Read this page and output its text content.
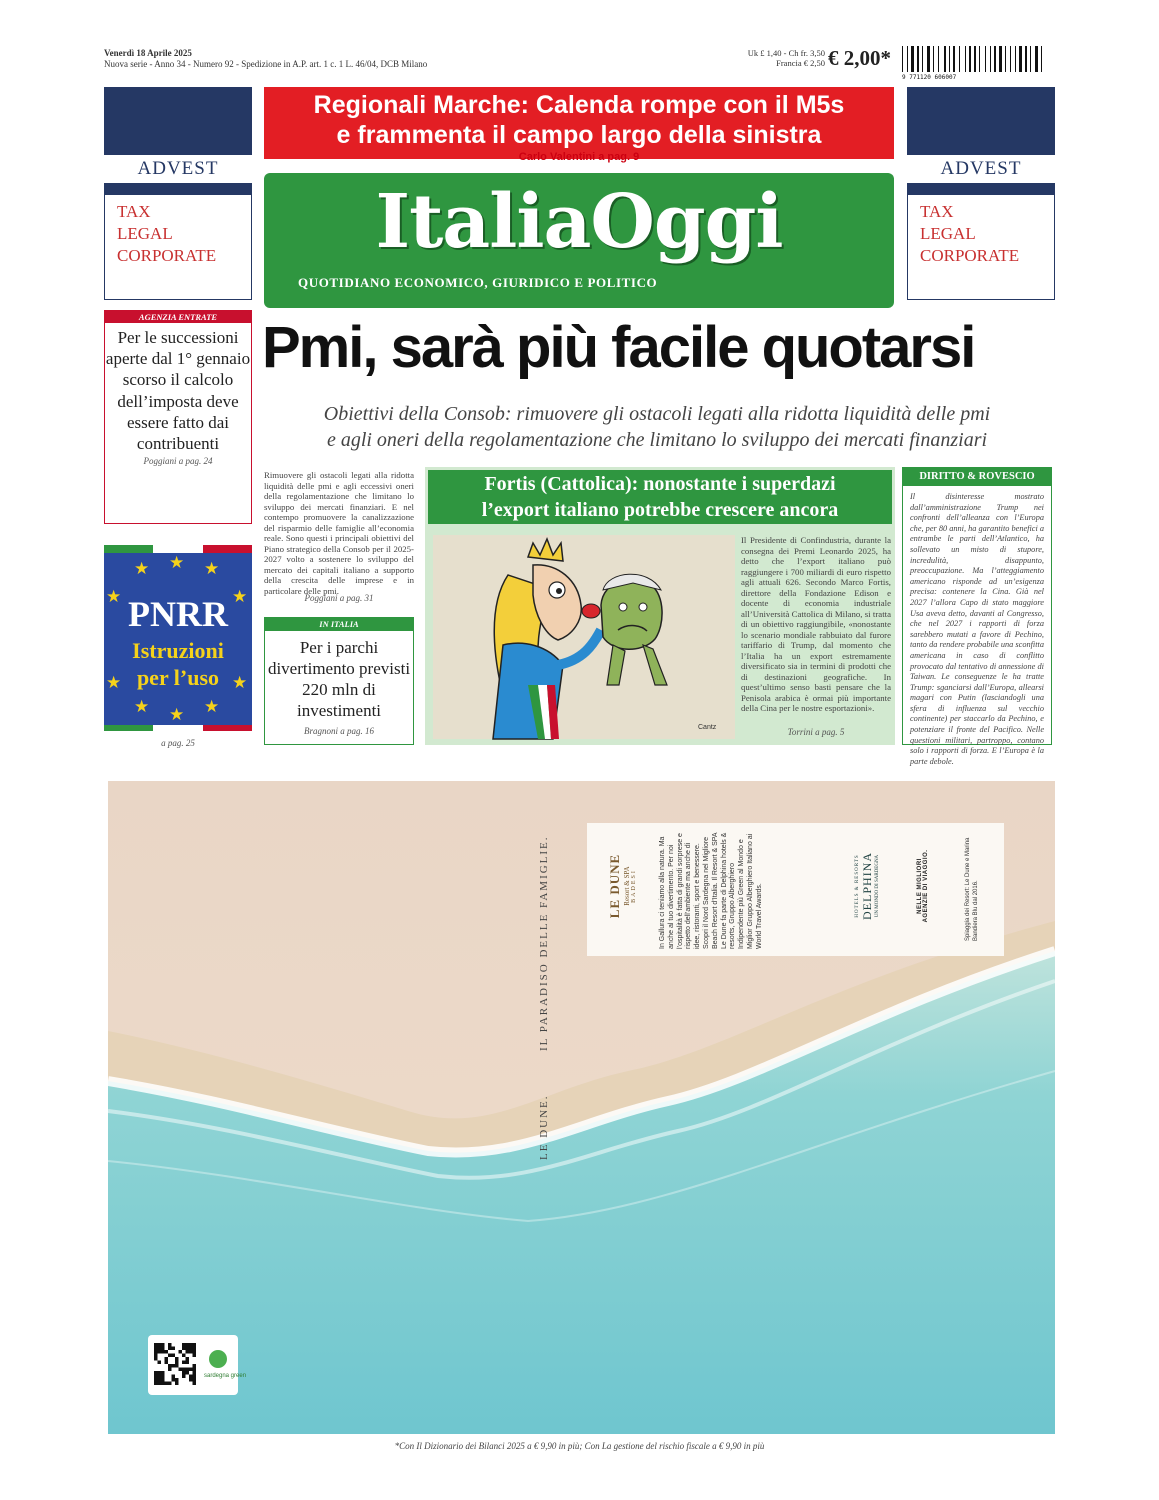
Venerdì 18 Aprile 2025
Nuova serie - Anno 34 - Numero 92 - Spedizione in A.P. art. 1 c. 1 L. 46/04, DCB Milano
Uk £ 1,40 - Ch fr. 3,50
Francia € 2,50 € 2,00*
9 771120 606007
ADVEST
TAX
LEGAL
CORPORATE
ADVEST
TAX
LEGAL
CORPORATE
Regionali Marche: Calenda rompe con il M5s
e frammenta il campo largo della sinistra
Carlo Valentini a pag. 9
ItaliaOggi
QUOTIDIANO ECONOMICO, GIURIDICO E POLITICO
AGENZIA ENTRATE
Per le successioni aperte dal 1° gennaio scorso il calcolo dell’imposta deve essere fatto dai contribuenti
Poggiani a pag. 24
★ ★ ★
★	★
★	★
★ ★ ★
PNRR
Istruzioni
per l’uso
a pag. 25
Pmi, sarà più facile quotarsi
Obiettivi della Consob: rimuovere gli ostacoli legati alla ridotta liquidità delle pmi
e agli oneri della regolamentazione che limitano lo sviluppo dei mercati finanziari
Rimuovere gli ostacoli legati alla ridotta liquidità delle pmi e agli eccessivi oneri della regolamentazione che limitano lo sviluppo dei mercati finanziari. E nel contempo promuovere la canalizzazione del risparmio delle famiglie all’economia reale. Sono questi i principali obiettivi del Piano strategico della Consob per il 2025-2027 volto a sostenere lo sviluppo del mercato dei capitali italiano a supporto della crescita delle imprese e in particolare delle pmi.
Poggiani a pag. 31
IN ITALIA
Per i parchi divertimento previsti 220 mln di investimenti
Bragnoni a pag. 16
Fortis (Cattolica): nonostante i superdazi
l’export italiano potrebbe crescere ancora
Cantz
Il Presidente di Confindustria, durante la consegna dei Premi Leonardo 2025, ha detto che l’export italiano può raggiungere i 700 miliardi di euro rispetto agli attuali 626. Secondo Marco Fortis, direttore della Fondazione Edison e docente di economia industriale all’Università Cattolica di Milano, si tratta di un obiettivo raggiungibile, «nonostante lo scenario mondiale rabbuiato dal furore tariffario di Trump, dal momento che l’Italia ha un export estremamente diversificato sia in termini di prodotti che di destinazioni geografiche. In quest’ultimo senso basti pensare che la Penisola arabica è ormai più importante della Cina per le nostre esportazioni».
Torrini a pag. 5
DIRITTO & ROVESCIO
Il disinteresse mostrato dall’amministrazione Trump nei confronti dell’alleanza con l’Europa che, per 80 anni, ha garantito benefici a entrambe le parti dell’Atlantico, ha sollevato un misto di stupore, incredulità, disappunto, preoccupazione. Ma l’atteggiamento americano risponde ad un’esigenza precisa: contenere la Cina. Già nel 2027 l’allora Capo di stato maggiore Usa aveva detto, davanti al Congresso, che nel 2027 i rapporti di forza sarebbero mutati a favore di Pechino, tanto da rendere probabile una sconfitta americana in caso di conflitto provocato dal tentativo di annessione di Taiwan. Le conseguenze le ha tratte Trump: sganciarsi dall’Europa, allearsi magari con Putin (lasciandogli una sfera di influenza sul vecchio continente) per staccarlo da Pechino, e potenziare il fronte del Pacifico. Nelle questioni militari, partroppo, contano solo i rapporti di forza. E l’Europa è la parte debole.
LE DUNE.  IL PARADISO DELLE FAMIGLIE.	LE DUNE Resort & SPA BADESI	In Gallura ci teniamo alla natura. Ma anche al tuo divertimento. Per noi l’ospitalità è fatta di grandi sorprese e rispetto dell’ambiente ma anche di idee, ristoranti, sport e benessere. Scopri il Nord Sardegna nel Migliore Beach Resort d’Italia. Il Resort & SPA Le Dune fa parte di Delphina hotels & resorts, Gruppo Alberghiero Indipendente più Green al Mondo e Miglior Gruppo Alberghiero Italiano ai World Travel Awards.	HOTELS & RESORTS DELPHINA UN MONDO DI SARDEGNA	NELLE MIGLIORI AGENZIE DI VIAGGIO.	Spiaggia dei Resort: Le Dune e Marina Bandiera Blu dal 2016.
sardegna green
*Con Il Dizionario dei Bilanci 2025 a € 9,90 in più; Con La gestione del rischio fiscale a € 9,90 in più
